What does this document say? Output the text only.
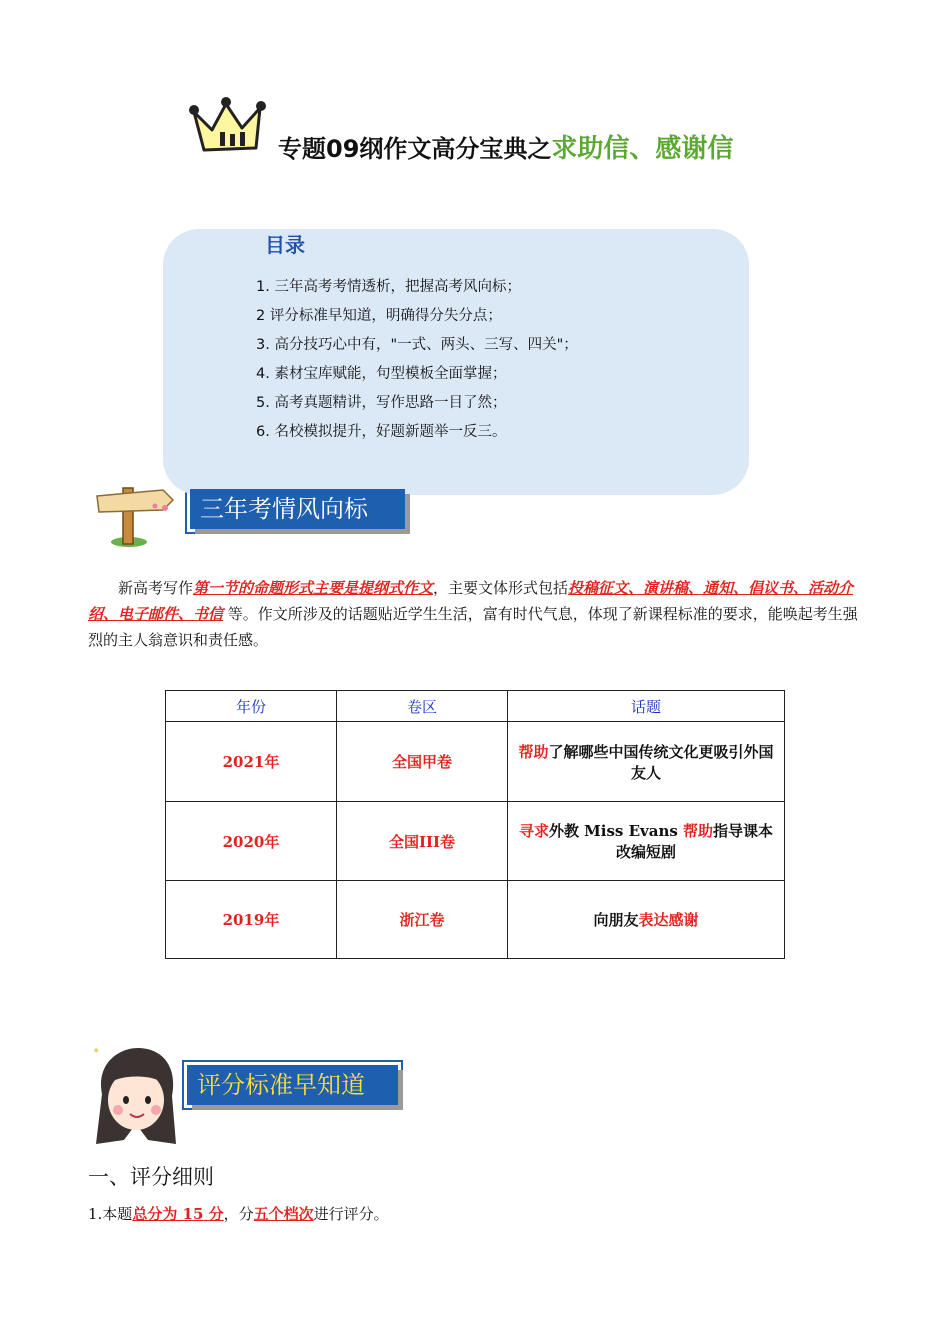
专题09纲作文高分宝典之求助信、感谢信
目录
1. 三年高考考情透析，把握高考风向标；
2 评分标准早知道，明确得分失分点；
3. 高分技巧心中有，"一式、两头、三写、四关"；
4. 素材宝库赋能，句型模板全面掌握；
5. 高考真题精讲，写作思路一目了然；
6. 名校模拟提升，好题新题举一反三。
三年考情风向标
新高考写作第一节的命题形式主要是提纲式作文，主要文体形式包括投稿征文、演讲稿、通知、倡议书、活动介绍、电子邮件、书信 等。作文所涉及的话题贴近学生生活，富有时代气息，体现了新课程标准的要求，能唤起考生强烈的主人翁意识和责任感。
年份	卷区	话题
2021年	全国甲卷	帮助了解哪些中国传统文化更吸引外国友人
2020年	全国III卷	寻求外教 Miss Evans 帮助指导课本改编短剧
2019年	浙江卷	向朋友表达感谢
✦
评分标准早知道
一、评分细则
1.本题总分为 15 分，分五个档次进行评分。
